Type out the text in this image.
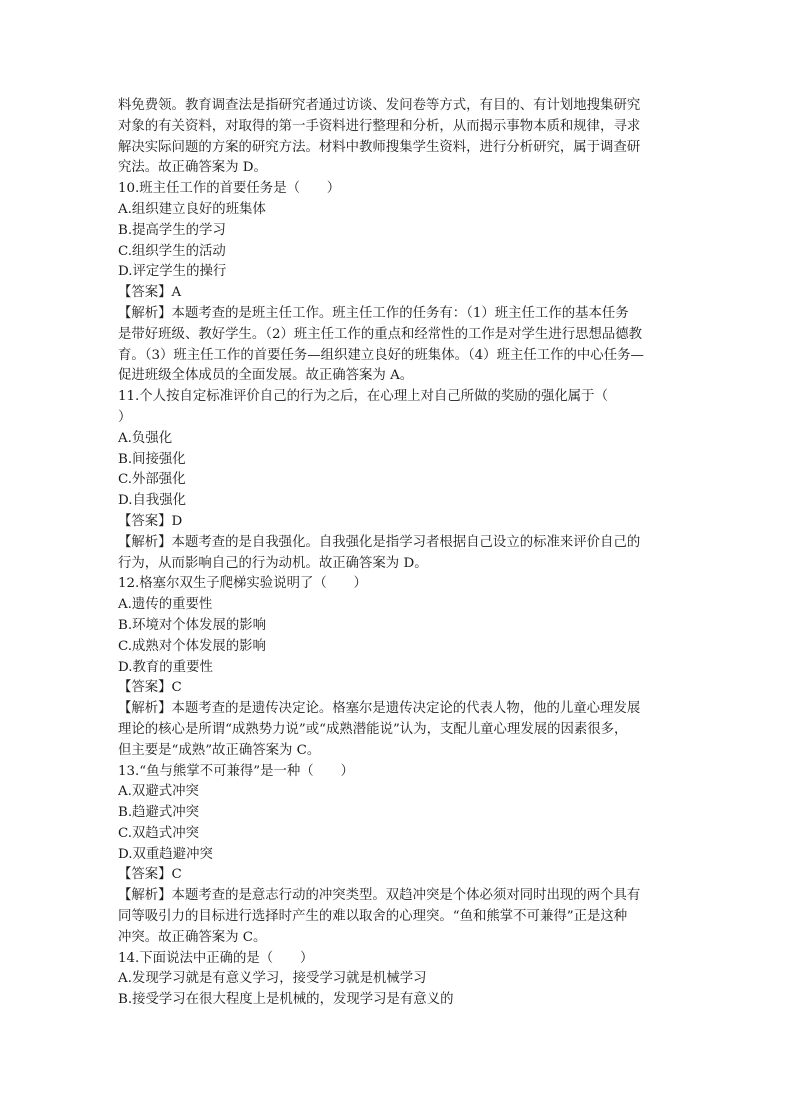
料免费领。教育调查法是指研究者通过访谈、发问卷等方式，有目的、有计划地搜集研究
对象的有关资料，对取得的第一手资料进行整理和分析，从而揭示事物本质和规律，寻求
解决实际问题的方案的研究方法。材料中教师搜集学生资料，进行分析研究，属于调查研
究法。故正确答案为 D。
10.班主任工作的首要任务是（　　）
A.组织建立良好的班集体
B.提高学生的学习
C.组织学生的活动
D.评定学生的操行
【答案】A
【解析】本题考查的是班主任工作。班主任工作的任务有：（1）班主任工作的基本任务
是带好班级、教好学生。（2）班主任工作的重点和经常性的工作是对学生进行思想品德教
育。（3）班主任工作的首要任务—组织建立良好的班集体。（4）班主任工作的中心任务—
促进班级全体成员的全面发展。故正确答案为 A。
11.个人按自定标准评价自己的行为之后，在心理上对自己所做的奖励的强化属于（
）
A.负强化
B.间接强化
C.外部强化
D.自我强化
【答案】D
【解析】本题考查的是自我强化。自我强化是指学习者根据自己设立的标准来评价自己的
行为，从而影响自己的行为动机。故正确答案为 D。
12.格塞尔双生子爬梯实验说明了（　　）
A.遗传的重要性
B.环境对个体发展的影响
C.成熟对个体发展的影响
D.教育的重要性
【答案】C
【解析】本题考查的是遗传决定论。格塞尔是遗传决定论的代表人物，他的儿童心理发展
理论的核心是所谓“成熟势力说”或“成熟潜能说”认为，支配儿童心理发展的因素很多，
但主要是“成熟”故正确答案为 C。
13.“鱼与熊掌不可兼得”是一种（　　）
A.双避式冲突
B.趋避式冲突
C.双趋式冲突
D.双重趋避冲突
【答案】C
【解析】本题考查的是意志行动的冲突类型。双趋冲突是个体必须对同时出现的两个具有
同等吸引力的目标进行选择时产生的难以取舍的心理突。“鱼和熊掌不可兼得”正是这种
冲突。故正确答案为 C。
14.下面说法中正确的是（　　）
A.发现学习就是有意义学习，接受学习就是机械学习
B.接受学习在很大程度上是机械的，发现学习是有意义的
